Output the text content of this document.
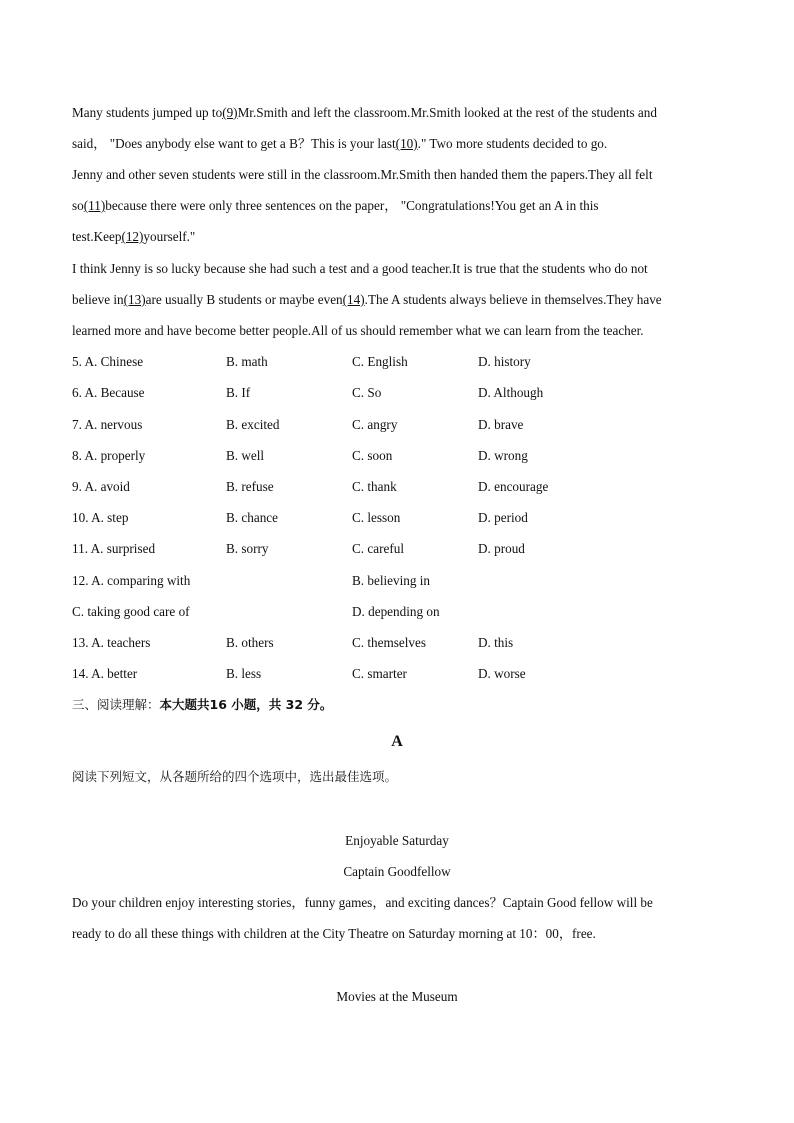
Many students jumped up to(9)Mr.Smith and left the classroom.Mr.Smith looked at the rest of the students and
said， "Does anybody else want to get a B？This is your last(10)." Two more students decided to go.
Jenny and other seven students were still in the classroom.Mr.Smith then handed them the papers.They all felt
so(11)because there were only three sentences on the paper， "Congratulations!You get an A in this
test.Keep(12)yourself."
I think Jenny is so lucky because she had such a test and a good teacher.It is true that the students who do not
believe in(13)are usually B students or maybe even(14).The A students always believe in themselves.They have
learned more and have become better people.All of us should remember what we can learn from the teacher.
5. A. Chinese	B. math	C. English	D. history
6. A. Because	B. If	C. So	D. Although
7. A. nervous	B. excited	C. angry	D. brave
8. A. properly	B. well	C. soon	D. wrong
9. A. avoid	B. refuse	C. thank	D. encourage
10. A. step	B. chance	C. lesson	D. period
11. A. surprised	B. sorry	C. careful	D. proud
12. A. comparing with	B. believing in
C. taking good care of	D. depending on
13. A. teachers	B. others	C. themselves	D. this
14. A. better	B. less	C. smarter	D. worse
三、阅读理解：本大题共16 小题，共 32 分。
A
阅读下列短文，从各题所给的四个选项中，选出最佳选项。
Enjoyable Saturday
Captain Goodfellow
Do your children enjoy interesting stories，funny games，and exciting dances？Captain Good fellow will be
ready to do all these things with children at the City Theatre on Saturday morning at 10：00，free.
Movies at the Museum
